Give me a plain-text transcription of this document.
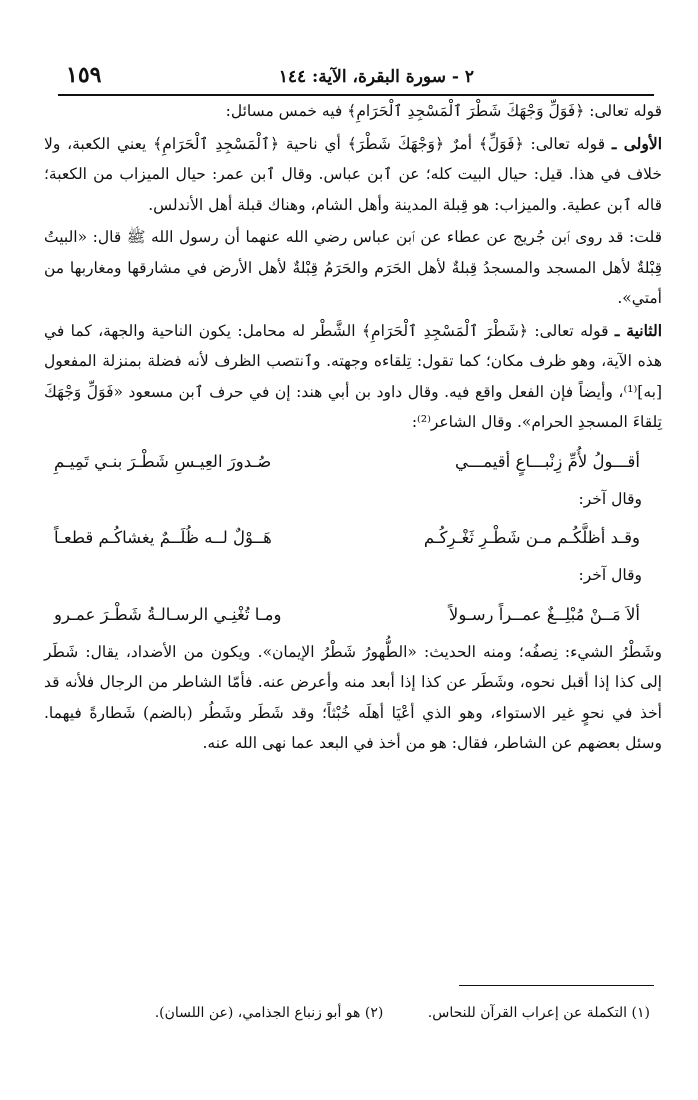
١٥٩	٢ - سورة البقرة، الآية: ١٤٤

قوله تعالى: ﴿فَوَلِّ وَجْهَكَ شَطْرَ ٱلْمَسْجِدِ ٱلْحَرَامِ﴾ فيه خمس مسائل:

الأولى ـ قوله تعالى: ﴿فَوَلِّ﴾ أمرٌ ﴿وَجْهَكَ شَطْرَ﴾ أي ناحية ﴿ٱلْمَسْجِدِ ٱلْحَرَامِ﴾ يعني الكعبة، ولا خلاف في هذا. قيل: حيال البيت كله؛ عن ٱبن عباس. وقال ٱبن عمر: حيال الميزاب من الكعبة؛ قاله ٱبن عطية. والميزاب: هو قِبلة المدينة وأهل الشام، وهناك قبلة أهل الأندلس.

قلت: قد روى ٱبن جُريج عن عطاء عن ٱبن عباس رضي الله عنهما أن رسول الله ﷺ قال: «البيتُ قِبْلةٌ لأهل المسجد والمسجدُ قِبلةٌ لأهل الحَرَم والحَرَمُ قِبْلةٌ لأهل الأرض في مشارقها ومغاربها من أمتي».

الثانية ـ قوله تعالى: ﴿شَطْرَ ٱلْمَسْجِدِ ٱلْحَرَامِ﴾ الشَّطْر له محامل: يكون الناحية والجهة، كما في هذه الآية، وهو ظرف مكان؛ كما تقول: تِلقاءه وجهته. وٱنتصب الظرف لأنه فضلة بمنزلة المفعول [به]⁽¹⁾، وأيضاً فإن الفعل واقع فيه. وقال داود بن أبي هند: إن في حرف ٱبن مسعود «فَوَلِّ وَجْهَكَ تِلقاءَ المسجدِ الحرام». وقال الشاعر⁽²⁾:

أقـــولُ لأُمِّ زِنْبـــاعٍ أقيمـــي
صُـدورَ العِيـسِ شَطْـرَ بنـي تَمِيـمِ
وقال آخر:
وقـد أظلَّكُـم مـن شَطْـرِ ثَغْـرِكُـم
هَــوْلٌ لــه ظُلَــمٌ يغشاكُـم قطعـاً
وقال آخر:
ألاَ مَــنْ مُبْلِــغٌ عمــراً رسـولاً
ومـا تُغْنِـي الرسـالـةُ شَطْـرَ عمـرو

وشَطْرُ الشيء: نِصفُه؛ ومنه الحديث: «الطُّهورُ شَطْرُ الإيمان». ويكون من الأضداد، يقال: شَطَر إلى كذا إذا أقبل نحوه، وشَطَر عن كذا إذا أبعد منه وأعرض عنه. فأمّا الشاطر من الرجال فلأنه قد أخذ في نحوٍ غير الاستواء، وهو الذي أعْيَا أهلَه خُبْثاً؛ وقد شَطَر وشَطُر (بالضم) شَطارةً فيهما. وسئل بعضهم عن الشاطر، فقال: هو من أخذ في البعد عما نهى الله عنه.

(١) التكملة عن إعراب القرآن للنحاس. (٢) هو أبو زنباع الجذامي، (عن اللسان).
